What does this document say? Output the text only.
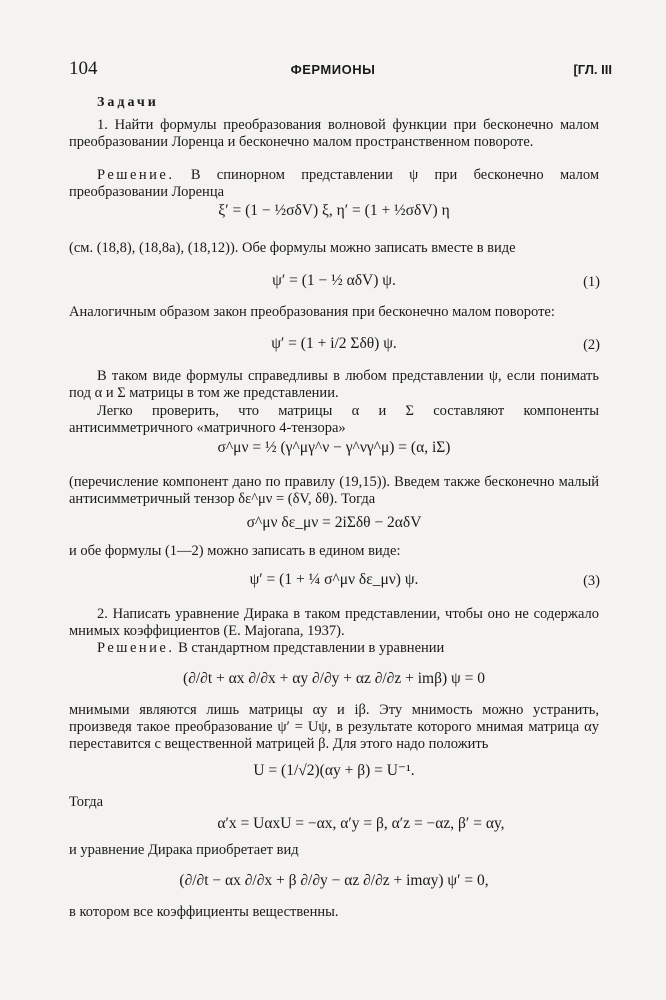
104	ФЕРМИОНЫ	[ГЛ. III
Задачи
1. Найти формулы преобразования волновой функции при бесконечно малом преобразовании Лоренца и бесконечно малом пространственном повороте.
Решение. В спинорном представлении ψ при бесконечно малом преобразовании Лоренца
ξ′ = (1 − ½σδV) ξ, η′ = (1 + ½σδV) η
(см. (18,8), (18,8а), (18,12)). Обе формулы можно записать вместе в виде
ψ′ = (1 − ½ αδV) ψ.	(1)
Аналогичным образом закон преобразования при бесконечно малом повороте:
ψ′ = (1 + i/2 Σδθ) ψ.	(2)
В таком виде формулы справедливы в любом представлении ψ, если понимать под α и Σ матрицы в том же представлении.
Легко проверить, что матрицы α и Σ составляют компоненты антисимметричного «матричного 4-тензора»
σ^μν = ½ (γ^μγ^ν − γ^νγ^μ) = (α, iΣ)
(перечисление компонент дано по правилу (19,15)). Введем также бесконечно малый антисимметричный тензор δε^μν = (δV, δθ). Тогда
σ^μν δε_μν = 2iΣδθ − 2αδV
и обе формулы (1—2) можно записать в едином виде:
ψ′ = (1 + ¼ σ^μν δε_μν) ψ.	(3)
2. Написать уравнение Дирака в таком представлении, чтобы оно не содержало мнимых коэффициентов (E. Majorana, 1937).
Решение. В стандартном представлении в уравнении
(∂/∂t + αx ∂/∂x + αy ∂/∂y + αz ∂/∂z + imβ) ψ = 0
мнимыми являются лишь матрицы αy и iβ. Эту мнимость можно устранить, произведя такое преобразование ψ′ = Uψ, в результате которого мнимая матрица αy переставится с вещественной матрицей β. Для этого надо положить
U = (1/√2)(αy + β) = U⁻¹.
Тогда
α′x = UαxU = −αx, α′y = β, α′z = −αz, β′ = αy,
и уравнение Дирака приобретает вид
(∂/∂t − αx ∂/∂x + β ∂/∂y − αz ∂/∂z + imαy) ψ′ = 0,
в котором все коэффициенты вещественны.
